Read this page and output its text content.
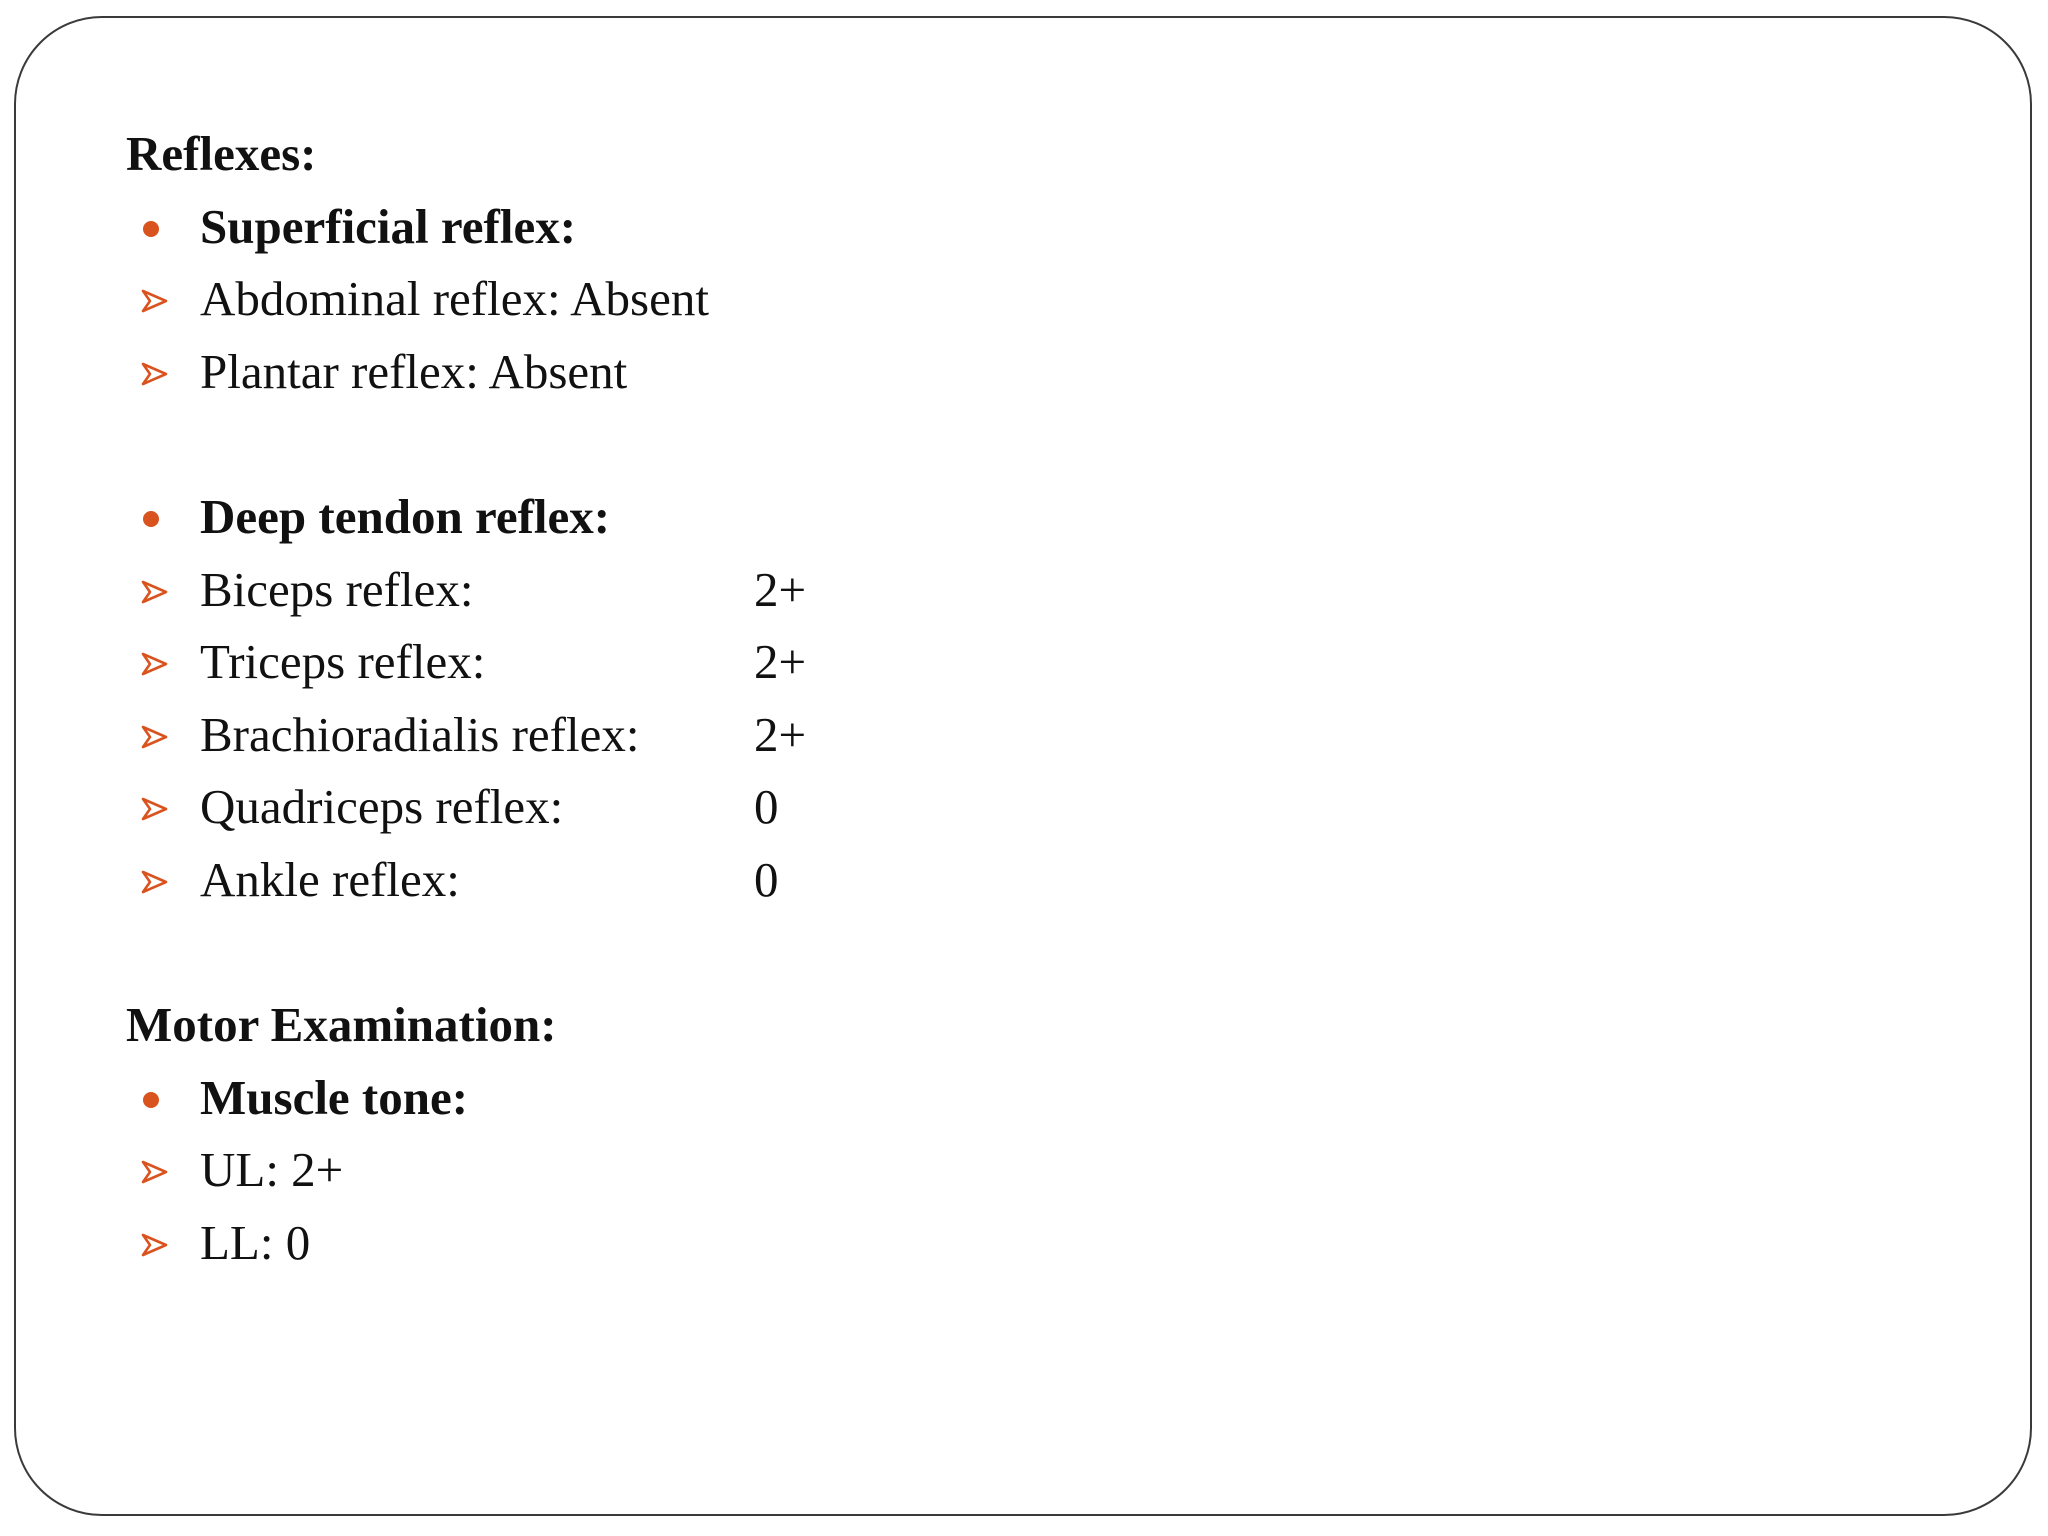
Reflexes:
Superficial reflex:
Abdominal reflex: Absent
Plantar reflex: Absent
Deep tendon reflex:
Biceps reflex:	2+
Triceps reflex:	2+
Brachioradialis reflex: 2+
Quadriceps reflex:	0
Ankle reflex:	0
Motor Examination:
Muscle tone:
UL: 2+
LL: 0
